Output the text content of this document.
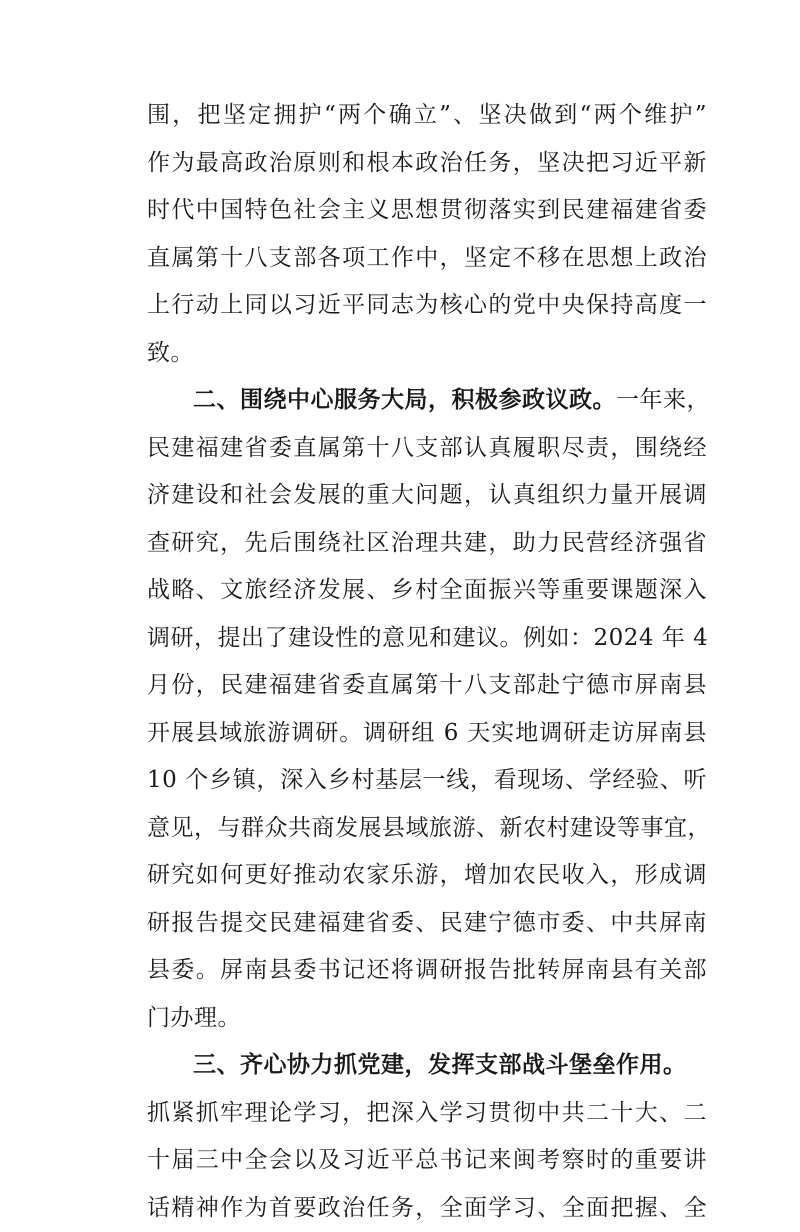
围，把坚定拥护“两个确立”、坚决做到“两个维护”
作为最高政治原则和根本政治任务，坚决把习近平新
时代中国特色社会主义思想贯彻落实到民建福建省委
直属第十八支部各项工作中，坚定不移在思想上政治
上行动上同以习近平同志为核心的党中央保持高度一
致。
二、围绕中心服务大局，积极参政议政。一年来，
民建福建省委直属第十八支部认真履职尽责，围绕经
济建设和社会发展的重大问题，认真组织力量开展调
查研究，先后围绕社区治理共建，助力民营经济强省
战略、文旅经济发展、乡村全面振兴等重要课题深入
调研，提出了建设性的意见和建议。例如：2024 年 4
月份，民建福建省委直属第十八支部赴宁德市屏南县
开展县域旅游调研。调研组 6 天实地调研走访屏南县
10 个乡镇，深入乡村基层一线，看现场、学经验、听
意见，与群众共商发展县域旅游、新农村建设等事宜，
研究如何更好推动农家乐游，增加农民收入，形成调
研报告提交民建福建省委、民建宁德市委、中共屏南
县委。屏南县委书记还将调研报告批转屏南县有关部
门办理。
三、齐心协力抓党建，发挥支部战斗堡垒作用。
抓紧抓牢理论学习，把深入学习贯彻中共二十大、二
十届三中全会以及习近平总书记来闽考察时的重要讲
话精神作为首要政治任务，全面学习、全面把握、全
